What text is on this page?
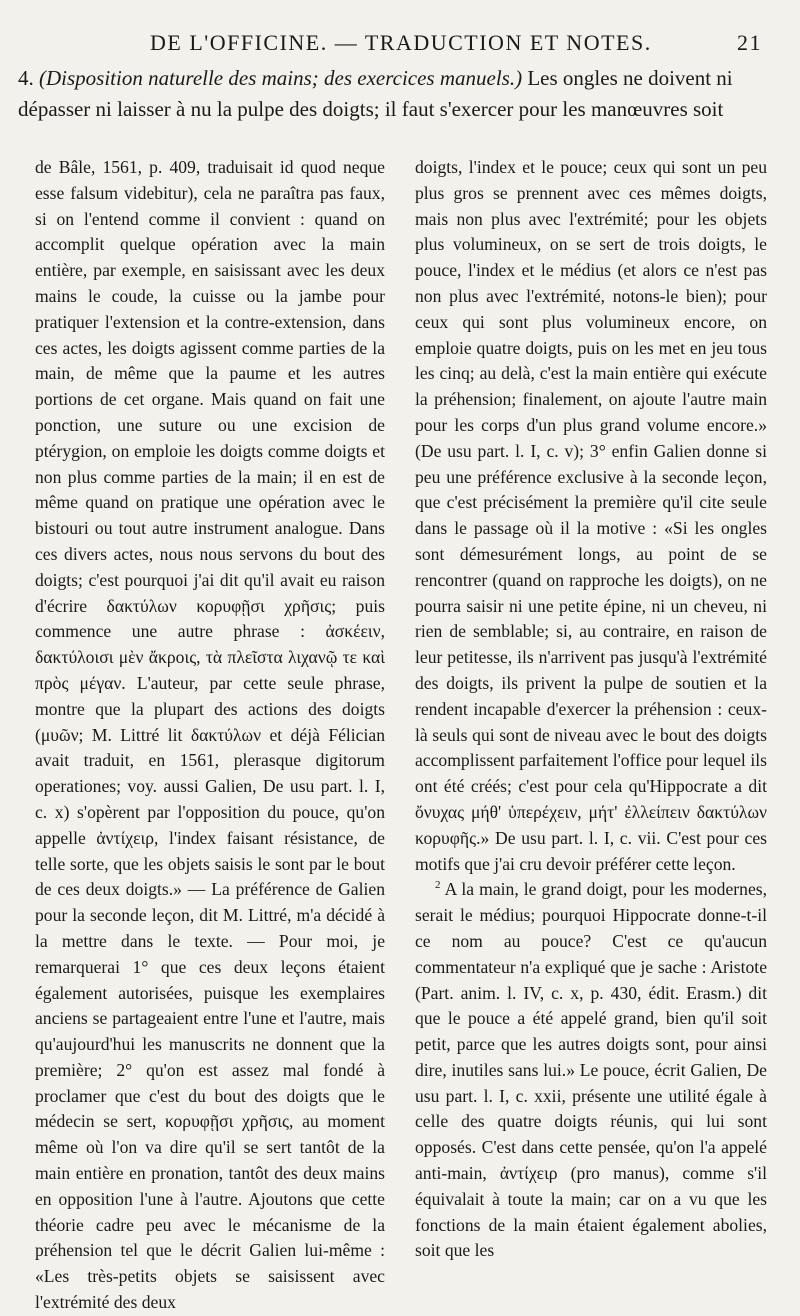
DE L'OFFICINE. — TRADUCTION ET NOTES.	21
4. (Disposition naturelle des mains; des exercices manuels.) Les ongles ne doivent ni
dépasser ni laisser à nu la pulpe des doigts; il faut s'exercer pour les manœuvres soit

de Bâle, 1561, p. 409, traduisait id quod neque esse falsum videbitur), cela ne paraîtra pas faux, si on l'entend comme il convient : quand on accomplit quelque opération avec la main entière, par exemple, en saisissant avec les deux mains le coude, la cuisse ou la jambe pour pratiquer l'extension et la contre-extension, dans ces actes, les doigts agissent comme parties de la main, de même que la paume et les autres portions de cet organe. Mais quand on fait une ponction, une suture ou une excision de ptérygion, on emploie les doigts comme doigts et non plus comme parties de la main; il en est de même quand on pratique une opération avec le bistouri ou tout autre instrument analogue. Dans ces divers actes, nous nous servons du bout des doigts; c'est pourquoi j'ai dit qu'il avait eu raison d'écrire δακτύλων κορυφῇσι χρῆσις; puis commence une autre phrase : ἀσκέειν, δακτύλοισι μὲν ἄκροις, τὰ πλεῖστα λιχανῷ τε καὶ πρὸς μέγαν. L'auteur, par cette seule phrase, montre que la plupart des actions des doigts (μυῶν; M. Littré lit δακτύλων et déjà Félician avait traduit, en 1561, plerasque digitorum operationes; voy. aussi Galien, De usu part. l. I, c. x) s'opèrent par l'opposition du pouce, qu'on appelle ἀντίχειρ, l'index faisant résistance, de telle sorte, que les objets saisis le sont par le bout de ces deux doigts.» — La préférence de Galien pour la seconde leçon, dit M. Littré, m'a décidé à la mettre dans le texte. — Pour moi, je remarquerai 1° que ces deux leçons étaient également autorisées, puisque les exemplaires anciens se partageaient entre l'une et l'autre, mais qu'aujourd'hui les manuscrits ne donnent que la première; 2° qu'on est assez mal fondé à proclamer que c'est du bout des doigts que le médecin se sert, κορυφῇσι χρῆσις, au moment même où l'on va dire qu'il se sert tantôt de la main entière en pronation, tantôt des deux mains en opposition l'une à l'autre. Ajoutons que cette théorie cadre peu avec le mécanisme de la préhension tel que le décrit Galien lui-même : «Les très-petits objets se saisissent avec l'extrémité des deux

doigts, l'index et le pouce; ceux qui sont un peu plus gros se prennent avec ces mêmes doigts, mais non plus avec l'extrémité; pour les objets plus volumineux, on se sert de trois doigts, le pouce, l'index et le médius (et alors ce n'est pas non plus avec l'extrémité, notons-le bien); pour ceux qui sont plus volumineux encore, on emploie quatre doigts, puis on les met en jeu tous les cinq; au delà, c'est la main entière qui exécute la préhension; finalement, on ajoute l'autre main pour les corps d'un plus grand volume encore.» (De usu part. l. I, c. v); 3° enfin Galien donne si peu une préférence exclusive à la seconde leçon, que c'est précisément la première qu'il cite seule dans le passage où il la motive : «Si les ongles sont démesurément longs, au point de se rencontrer (quand on rapproche les doigts), on ne pourra saisir ni une petite épine, ni un cheveu, ni rien de semblable; si, au contraire, en raison de leur petitesse, ils n'arrivent pas jusqu'à l'extrémité des doigts, ils privent la pulpe de soutien et la rendent incapable d'exercer la préhension : ceux-là seuls qui sont de niveau avec le bout des doigts accomplissent parfaitement l'office pour lequel ils ont été créés; c'est pour cela qu'Hippocrate a dit ὄνυχας μήθ' ὑπερέχειν, μήτ' ἐλλείπειν δακτύλων κορυφῆς.» De usu part. l. I, c. vii. C'est pour ces motifs que j'ai cru devoir préférer cette leçon.

$^2$ A la main, le grand doigt, pour les modernes, serait le médius; pourquoi Hippocrate donne-t-il ce nom au pouce? C'est ce qu'aucun commentateur n'a expliqué que je sache : Aristote (Part. anim. l. IV, c. x, p. 430, édit. Erasm.) dit que le pouce a été appelé grand, bien qu'il soit petit, parce que les autres doigts sont, pour ainsi dire, inutiles sans lui.» Le pouce, écrit Galien, De usu part. l. I, c. xxii, présente une utilité égale à celle des quatre doigts réunis, qui lui sont opposés. C'est dans cette pensée, qu'on l'a appelé anti-main, ἀντίχειρ (pro manus), comme s'il équivalait à toute la main; car on a vu que les fonctions de la main étaient également abolies, soit que les
